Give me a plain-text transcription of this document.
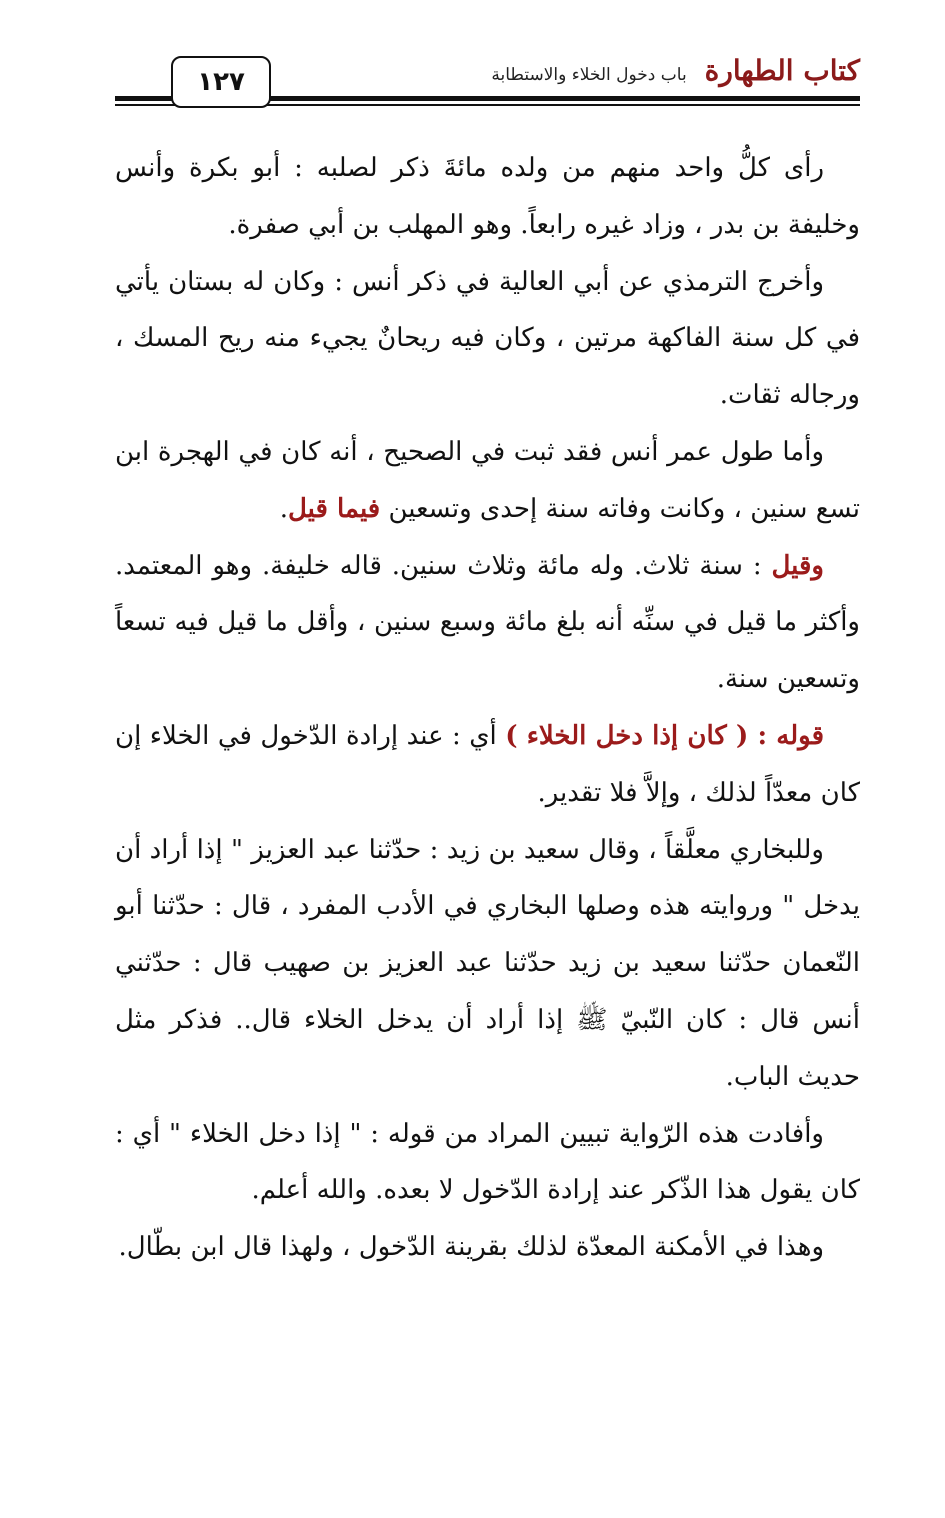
١٢٧	كتاب الطهارة
باب دخول الخلاء والاستطابة

رأى كلُّ واحد منهم من ولده مائةَ ذكر لصلبه : أبو بكرة وأنس وخليفة بن بدر ، وزاد غيره رابعاً. وهو المهلب بن أبي صفرة.

وأخرج الترمذي عن أبي العالية في ذكر أنس : وكان له بستان يأتي في كل سنة الفاكهة مرتين ، وكان فيه ريحانٌ يجيء منه ريح المسك ، ورجاله ثقات.

وأما طول عمر أنس فقد ثبت في الصحيح ، أنه كان في الهجرة ابن تسع سنين ، وكانت وفاته سنة إحدى وتسعين فيما قيل.

وقيل : سنة ثلاث. وله مائة وثلاث سنين. قاله خليفة. وهو المعتمد. وأكثر ما قيل في سنِّه أنه بلغ مائة وسبع سنين ، وأقل ما قيل فيه تسعاً وتسعين سنة.

قوله : ( كان إذا دخل الخلاء ) أي : عند إرادة الدّخول في الخلاء إن كان معدّاً لذلك ، وإلاَّ فلا تقدير.

وللبخاري معلَّقاً ، وقال سعيد بن زيد : حدّثنا عبد العزيز " إذا أراد أن يدخل " وروايته هذه وصلها البخاري في الأدب المفرد ، قال : حدّثنا أبو النّعمان حدّثنا سعيد بن زيد حدّثنا عبد العزيز بن صهيب قال : حدّثني أنس قال : كان النّبيّ ﷺ إذا أراد أن يدخل الخلاء قال.. فذكر مثل حديث الباب.

وأفادت هذه الرّواية تبيين المراد من قوله : " إذا دخل الخلاء " أي : كان يقول هذا الذّكر عند إرادة الدّخول لا بعده. والله أعلم.

وهذا في الأمكنة المعدّة لذلك بقرينة الدّخول ، ولهذا قال ابن بطّال.
